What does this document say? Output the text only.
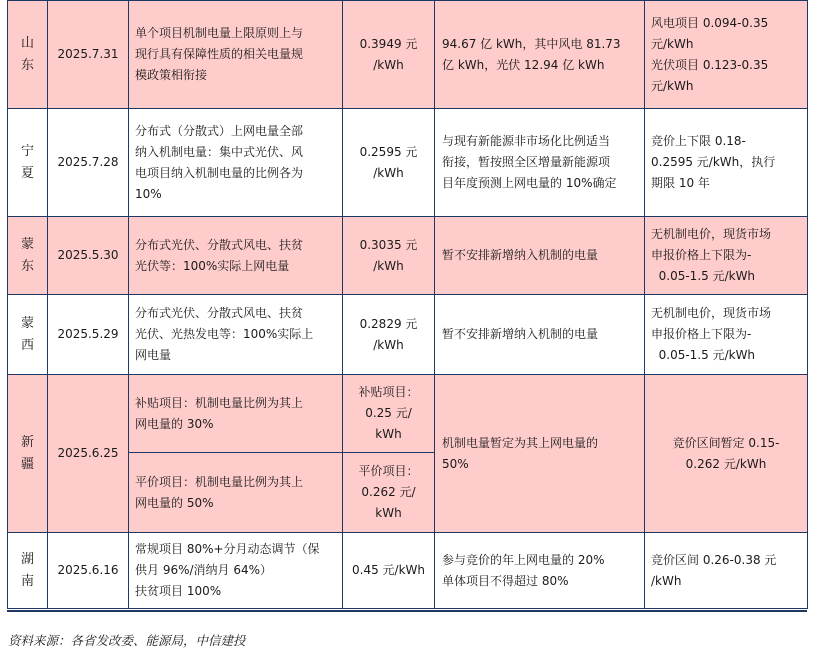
山
东	2025.7.31	单个项目机制电量上限原则上与
现行具有保障性质的相关电量规
模政策相衔接	0.3949 元
/kWh	94.67 亿 kWh，其中风电 81.73
亿 kWh，光伏 12.94 亿 kWh	风电项目 0.094-0.35
元/kWh
光伏项目 0.123-0.35
元/kWh

宁
夏	2025.7.28	分布式（分散式）上网电量全部
纳入机制电量：集中式光伏、风
电项目纳入机制电量的比例各为
10%	0.2595 元
/kWh	与现有新能源非市场化比例适当
衔接，暂按照全区增量新能源项
目年度预测上网电量的 10%确定	竞价上下限 0.18-
0.2595 元/kWh，执行
期限 10 年

蒙
东	2025.5.30	分布式光伏、分散式风电、扶贫
光伏等：100%实际上网电量	0.3035 元
/kWh	暂不安排新增纳入机制的电量	无机制电价，现货市场
申报价格上下限为-
0.05-1.5 元/kWh

蒙
西	2025.5.29	分布式光伏、分散式风电、扶贫
光伏、光热发电等：100%实际上
网电量	0.2829 元
/kWh	暂不安排新增纳入机制的电量	无机制电价，现货市场
申报价格上下限为-
0.05-1.5 元/kWh

新
疆	2025.6.25	补贴项目：机制电量比例为其上
网电量的 30%	补贴项目：
0.25 元/
kWh	机制电量暂定为其上网电量的
50%	竞价区间暂定 0.15-
0.262 元/kWh

		平价项目：机制电量比例为其上
网电量的 50%	平价项目：
0.262 元/
kWh		

湖
南	2025.6.16	常规项目 80%+分月动态调节（保
供月 96%/消纳月 64%）
扶贫项目 100%	0.45 元/kWh	参与竞价的年上网电量的 20%
单体项目不得超过 80%	竞价区间 0.26-0.38 元
/kWh
资料来源：各省发改委、能源局，中信建投
